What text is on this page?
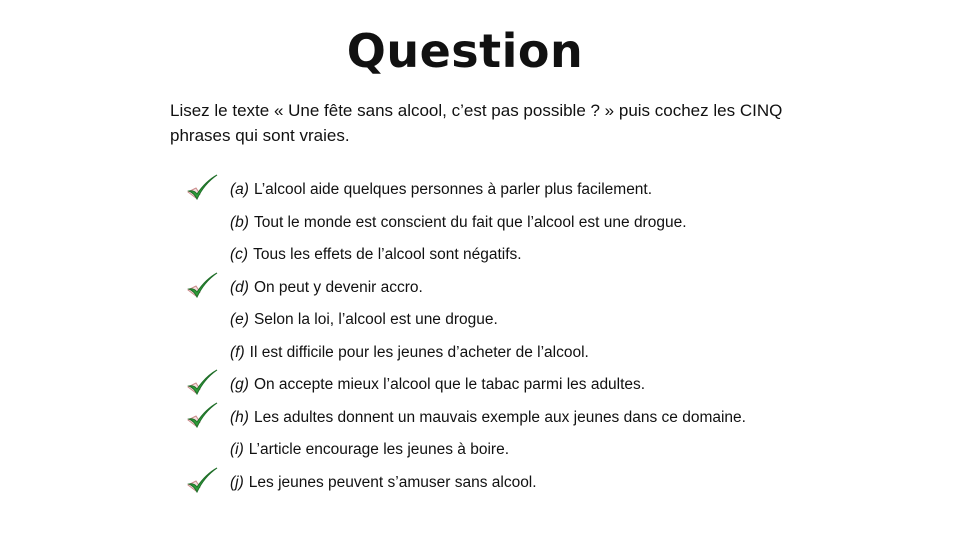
Question
Lisez le texte « Une fête sans alcool, c’est pas possible ? » puis cochez les CINQ phrases qui sont vraies.
(a) L’alcool aide quelques personnes à parler plus facilement.
(b) Tout le monde est conscient du fait que l’alcool est une drogue.
(c) Tous les effets de l’alcool sont négatifs.
(d) On peut y devenir accro.
(e) Selon la loi, l’alcool est une drogue.
(f) Il est difficile pour les jeunes d’acheter de l’alcool.
(g) On accepte mieux l’alcool que le tabac parmi les adultes.
(h) Les adultes donnent un mauvais exemple aux jeunes dans ce domaine.
(i) L’article encourage les jeunes à boire.
(j) Les jeunes peuvent s’amuser sans alcool.
